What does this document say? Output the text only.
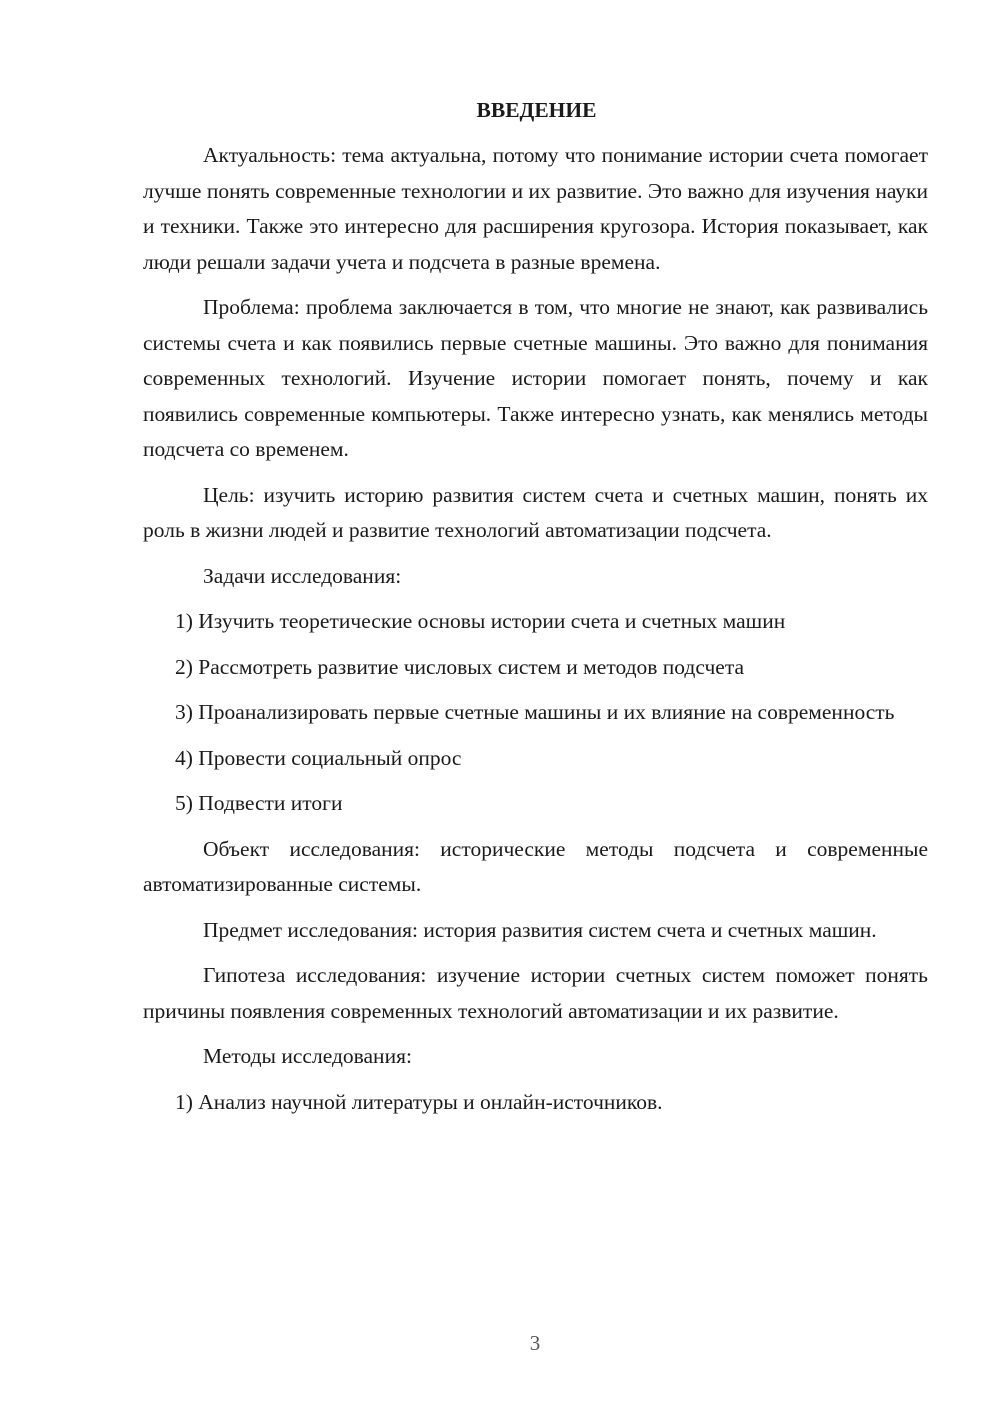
ВВЕДЕНИЕ

Актуальность: тема актуальна, потому что понимание истории счета помогает лучше понять современные технологии и их развитие. Это важно для изучения науки и техники. Также это интересно для расширения кругозора. История показывает, как люди решали задачи учета и подсчета в разные времена.

Проблема: проблема заключается в том, что многие не знают, как развивались системы счета и как появились первые счетные машины. Это важно для понимания современных технологий. Изучение истории помогает понять, почему и как появились современные компьютеры. Также интересно узнать, как менялись методы подсчета со временем.

Цель: изучить историю развития систем счета и счетных машин, понять их роль в жизни людей и развитие технологий автоматизации подсчета.

Задачи исследования:

1) Изучить теоретические основы истории счета и счетных машин

2) Рассмотреть развитие числовых систем и методов подсчета

3) Проанализировать первые счетные машины и их влияние на современность

4) Провести социальный опрос

5) Подвести итоги

Объект исследования: исторические методы подсчета и современные автоматизированные системы.

Предмет исследования: история развития систем счета и счетных машин.

Гипотеза исследования: изучение истории счетных систем поможет понять причины появления современных технологий автоматизации и их развитие.

Методы исследования:

1) Анализ научной литературы и онлайн-источников.

3
